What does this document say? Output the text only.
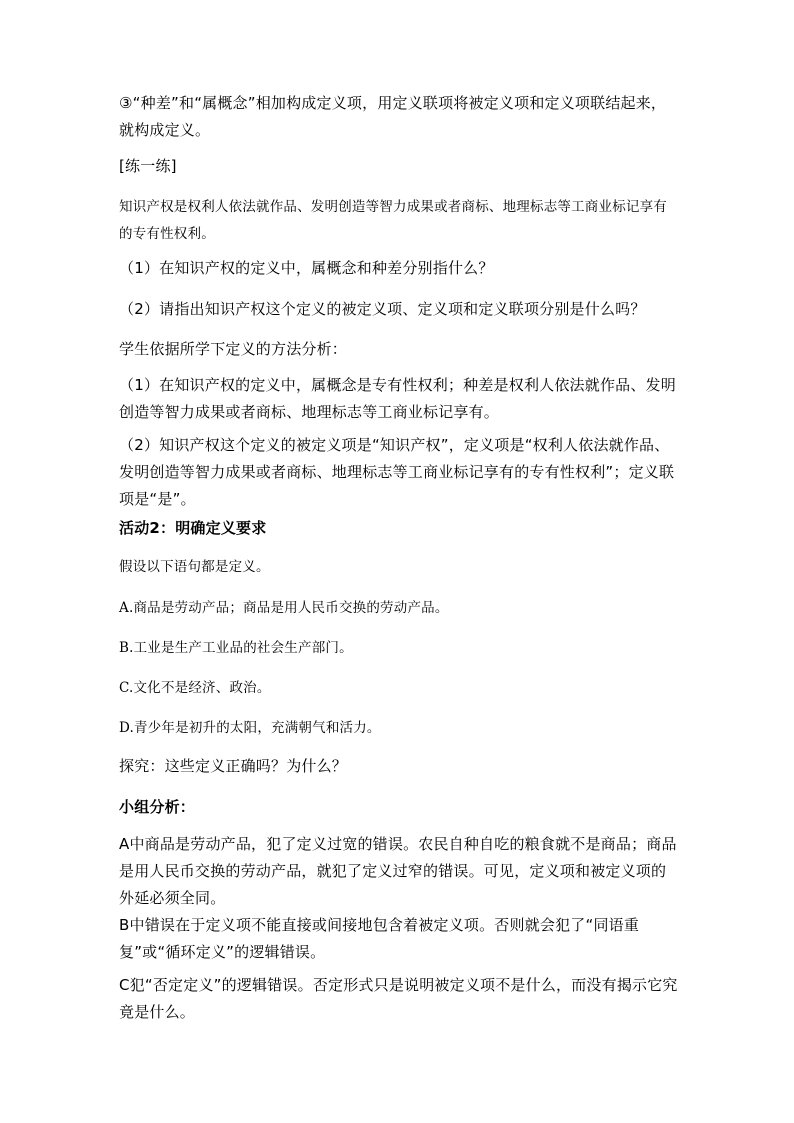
③“种差”和“属概念”相加构成定义项，用定义联项将被定义项和定义项联结起来，就构成定义。

[练一练]

知识产权是权利人依法就作品、发明创造等智力成果或者商标、地理标志等工商业标记享有的专有性权利。

（1）在知识产权的定义中，属概念和种差分别指什么？

（2）请指出知识产权这个定义的被定义项、定义项和定义联项分别是什么吗？

学生依据所学下定义的方法分析：

（1）在知识产权的定义中，属概念是专有性权利；种差是权利人依法就作品、发明创造等智力成果或者商标、地理标志等工商业标记享有。

（2）知识产权这个定义的被定义项是“知识产权”，定义项是“权利人依法就作品、发明创造等智力成果或者商标、地理标志等工商业标记享有的专有性权利”；定义联项是“是”。

活动2：明确定义要求

假设以下语句都是定义。

A.商品是劳动产品；商品是用人民币交换的劳动产品。

B.工业是生产工业品的社会生产部门。

C.文化不是经济、政治。

D.青少年是初升的太阳，充满朝气和活力。

探究：这些定义正确吗？为什么？

小组分析：

A中商品是劳动产品，犯了定义过宽的错误。农民自种自吃的粮食就不是商品；商品是用人民币交换的劳动产品，就犯了定义过窄的错误。可见，定义项和被定义项的外延必须全同。

B中错误在于定义项不能直接或间接地包含着被定义项。否则就会犯了“同语重复”或“循环定义”的逻辑错误。

C犯“否定定义”的逻辑错误。否定形式只是说明被定义项不是什么，而没有揭示它究竟是什么。
